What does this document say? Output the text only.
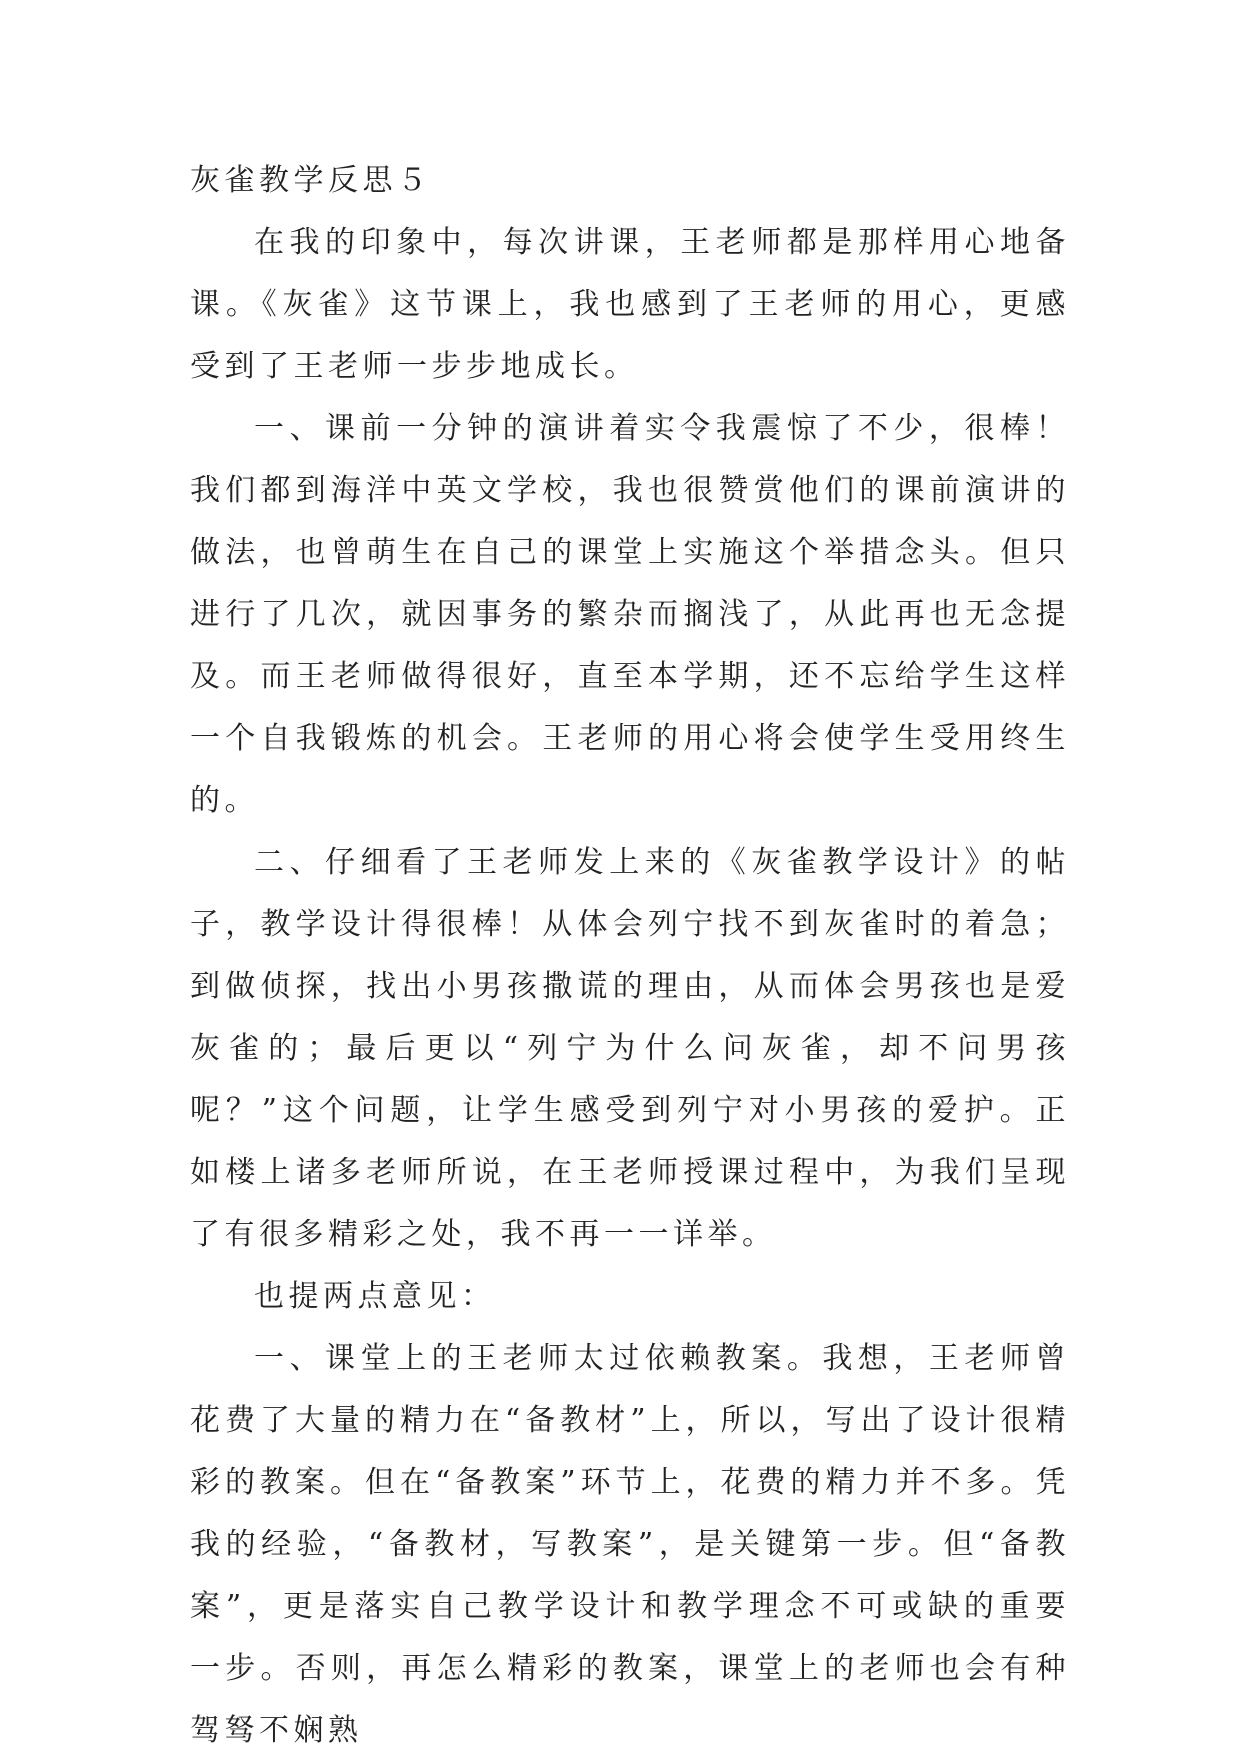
灰雀教学反思５

在我的印象中，每次讲课，王老师都是那样用心地备课。《灰雀》这节课上，我也感到了王老师的用心，更感受到了王老师一步步地成长。

一、课前一分钟的演讲着实令我震惊了不少，很棒！我们都到海洋中英文学校，我也很赞赏他们的课前演讲的做法，也曾萌生在自己的课堂上实施这个举措念头。但只进行了几次，就因事务的繁杂而搁浅了，从此再也无念提及。而王老师做得很好，直至本学期，还不忘给学生这样一个自我锻炼的机会。王老师的用心将会使学生受用终生的。

二、仔细看了王老师发上来的《灰雀教学设计》的帖子，教学设计得很棒！从体会列宁找不到灰雀时的着急；到做侦探，找出小男孩撒谎的理由，从而体会男孩也是爱灰雀的；最后更以“列宁为什么问灰雀，却不问男孩呢？”这个问题，让学生感受到列宁对小男孩的爱护。正如楼上诸多老师所说，在王老师授课过程中，为我们呈现了有很多精彩之处，我不再一一详举。

也提两点意见：

一、课堂上的王老师太过依赖教案。我想，王老师曾花费了大量的精力在“备教材”上，所以，写出了设计很精彩的教案。但在“备教案”环节上，花费的精力并不多。凭我的经验，“备教材，写教案”，是关键第一步。但“备教案”，更是落实自己教学设计和教学理念不可或缺的重要一步。否则，再怎么精彩的教案，课堂上的老师也会有种驾驽不娴熟
